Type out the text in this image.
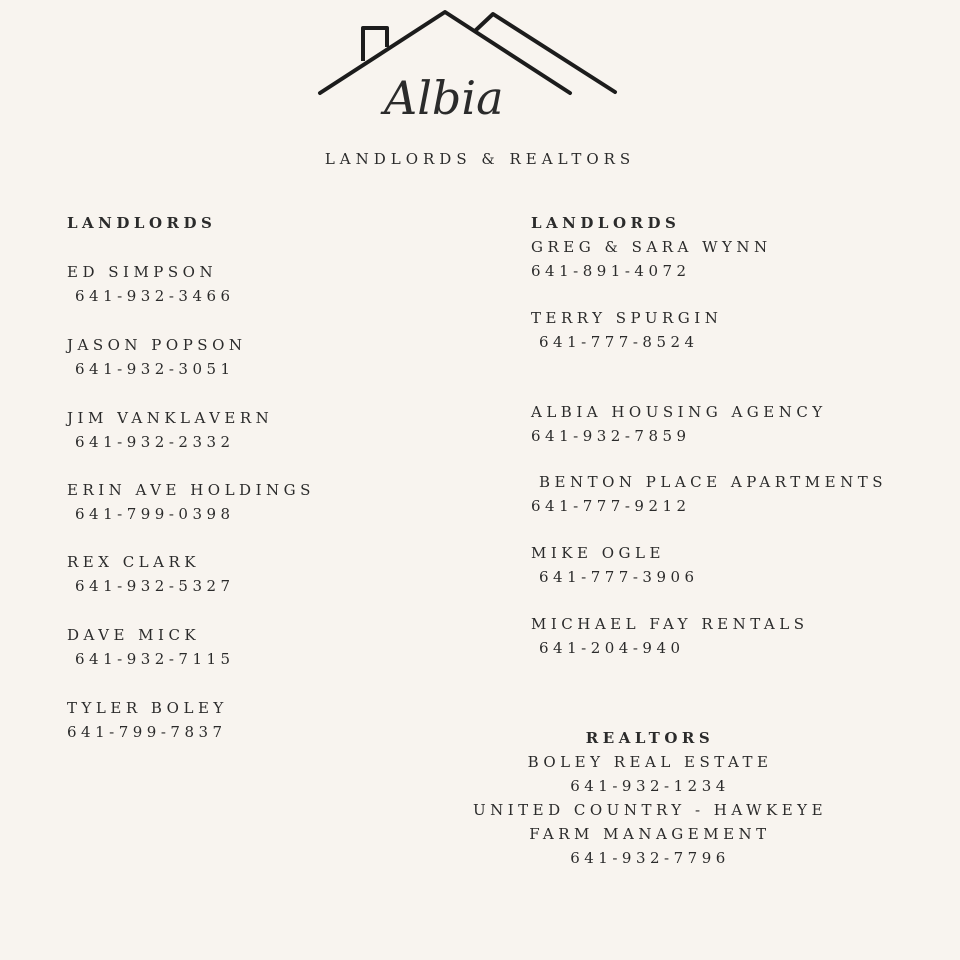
Albia
LANDLORDS & REALTORS
LANDLORDS
ED SIMPSON
641-932-3466
JASON POPSON
641-932-3051
JIM VANKLAVERN
641-932-2332
ERIN AVE HOLDINGS
641-799-0398
REX CLARK
641-932-5327
DAVE MICK
641-932-7115
TYLER BOLEY
641-799-7837
LANDLORDS
GREG & SARA WYNN
641-891-4072
TERRY SPURGIN
641-777-8524
ALBIA HOUSING AGENCY
641-932-7859
BENTON PLACE APARTMENTS
641-777-9212
MIKE OGLE
641-777-3906
MICHAEL FAY RENTALS
641-204-940
REALTORS
BOLEY REAL ESTATE
641-932-1234
UNITED COUNTRY - HAWKEYE
FARM MANAGEMENT
641-932-7796
